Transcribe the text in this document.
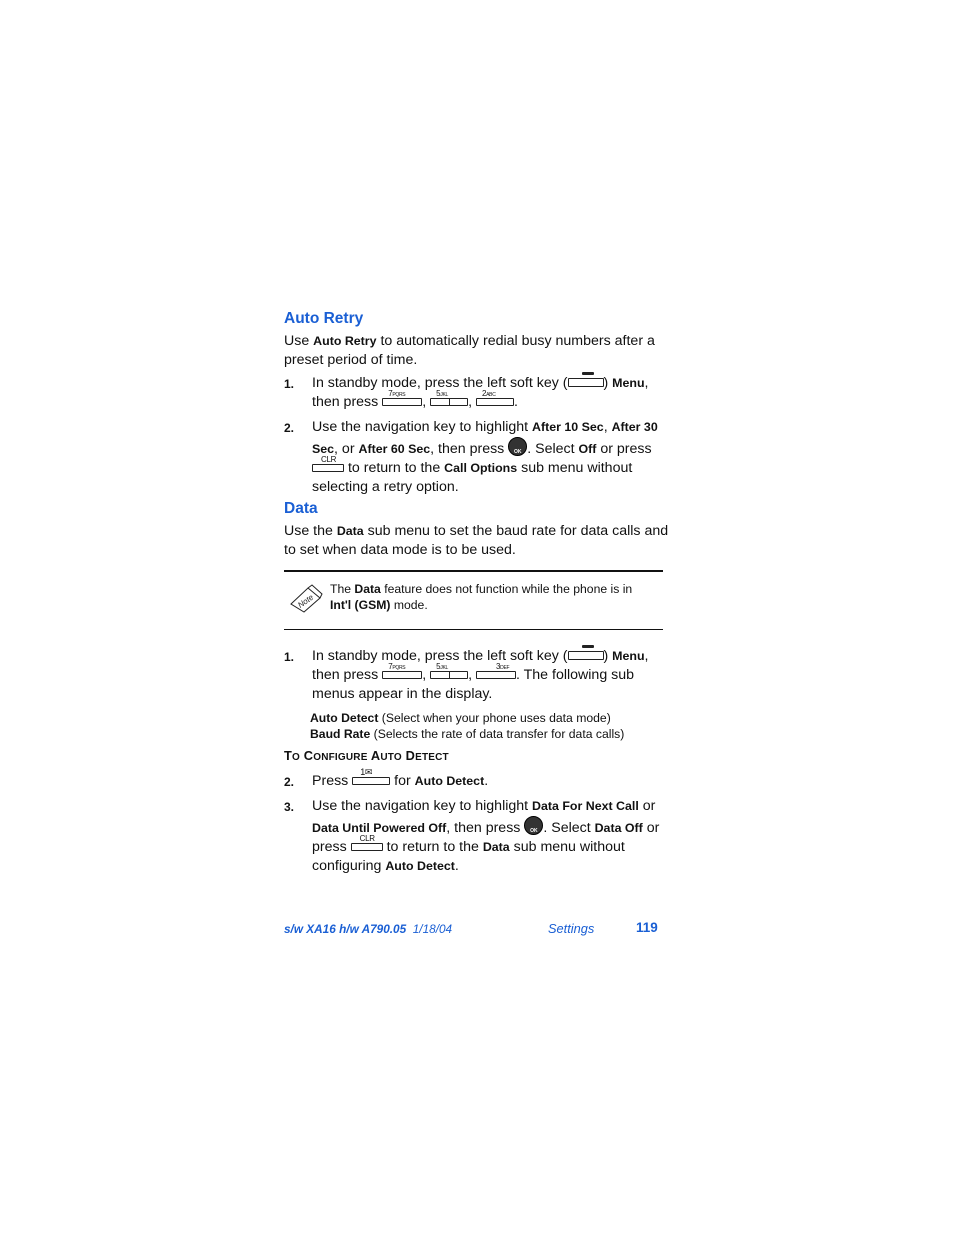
Auto Retry
Use Auto Retry to automatically redial busy numbers after a preset period of time.
1. In standby mode, press the left soft key (	) Menu,
then press
7PQRS ,
5JKL ,
2ABC .
2. Use the navigation key to highlight After 10 Sec, After 30
Sec, or After 60 Sec, then press	OK . Select Off or press

CLR
to return to the Call Options sub menu without
selecting a retry option.
Data
Use the Data sub menu to set the baud rate for data calls and
to set when data mode is to be used.
Note
The Data feature does not function while the phone is in
Int'l (GSM) mode.
1. In standby mode, press the left soft key (	) Menu,
then press
7PQRS ,
5JKL ,
3DEF . The following sub
menus appear in the display.
Auto Detect (Select when your phone uses data mode)
Baud Rate (Selects the rate of data transfer for data calls)
TO CONFIGURE AUTO DETECT
2. Press
1✉
for Auto Detect.
3. Use the navigation key to highlight Data For Next Call or
Data Until Powered Off, then press	OK . Select Data Off or
press
CLR
to return to the Data sub menu without
configuring Auto Detect.
s/w XA16 h/w A790.05 1/18/04	Settings	119
